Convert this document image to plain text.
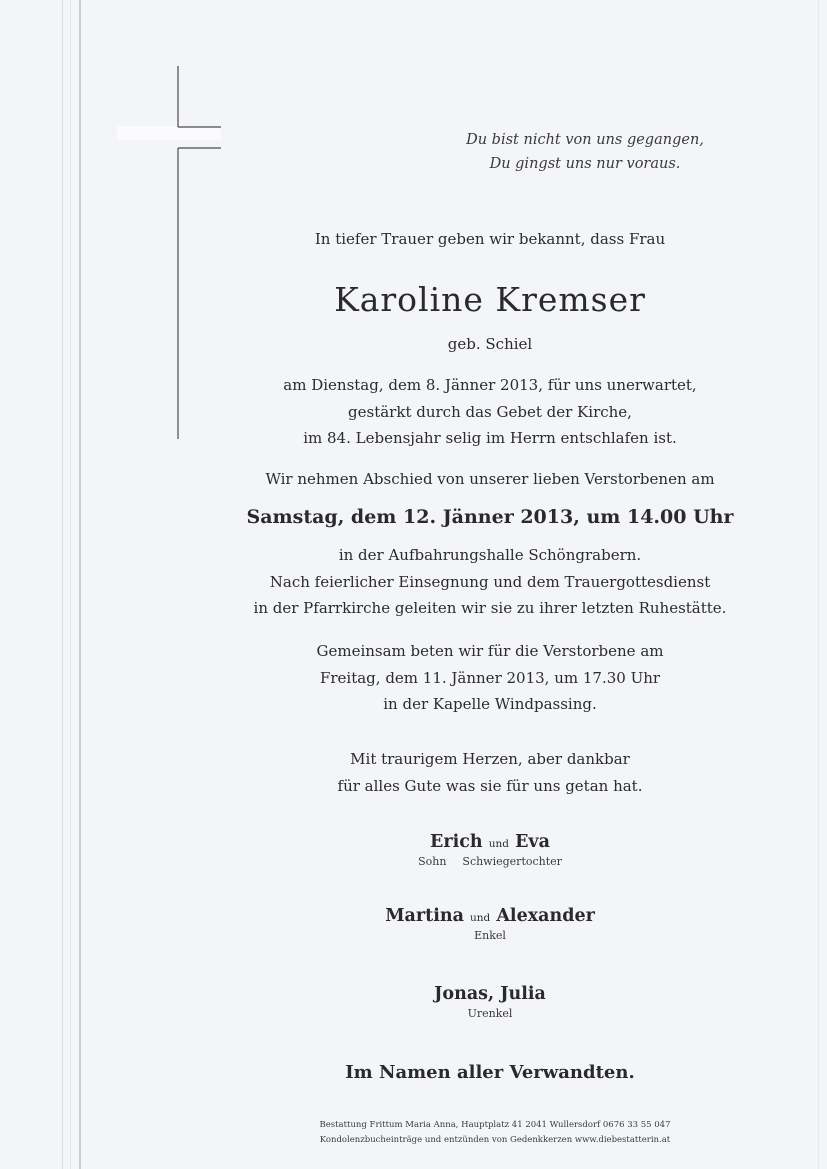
Du bist nicht von uns gegangen,
Du gingst uns nur voraus.
In tiefer Trauer geben wir bekannt, dass Frau
Karoline Kremser
geb. Schiel
am Dienstag, dem 8. Jänner 2013, für uns unerwartet,
gestärkt durch das Gebet der Kirche,
im 84. Lebensjahr selig im Herrn entschlafen ist.
Wir nehmen Abschied von unserer lieben Verstorbenen am
Samstag, dem 12. Jänner 2013, um 14.00 Uhr
in der Aufbahrungshalle Schöngrabern.
Nach feierlicher Einsegnung und dem Trauergottesdienst
in der Pfarrkirche geleiten wir sie zu ihrer letzten Ruhestätte.
Gemeinsam beten wir für die Verstorbene am
Freitag, dem 11. Jänner 2013, um 17.30 Uhr
in der Kapelle Windpassing.
Mit traurigem Herzen, aber dankbar
für alles Gute was sie für uns getan hat.
Erich und Eva
Sohn Schwiegertochter
Martina und Alexander
Enkel
Jonas, Julia
Urenkel
Im Namen aller Verwandten.
Bestattung Frittum Maria Anna, Hauptplatz 41 2041 Wullersdorf 0676 33 55 047
Kondolenzbucheinträge und entzünden von Gedenkkerzen www.diebestatterin.at
